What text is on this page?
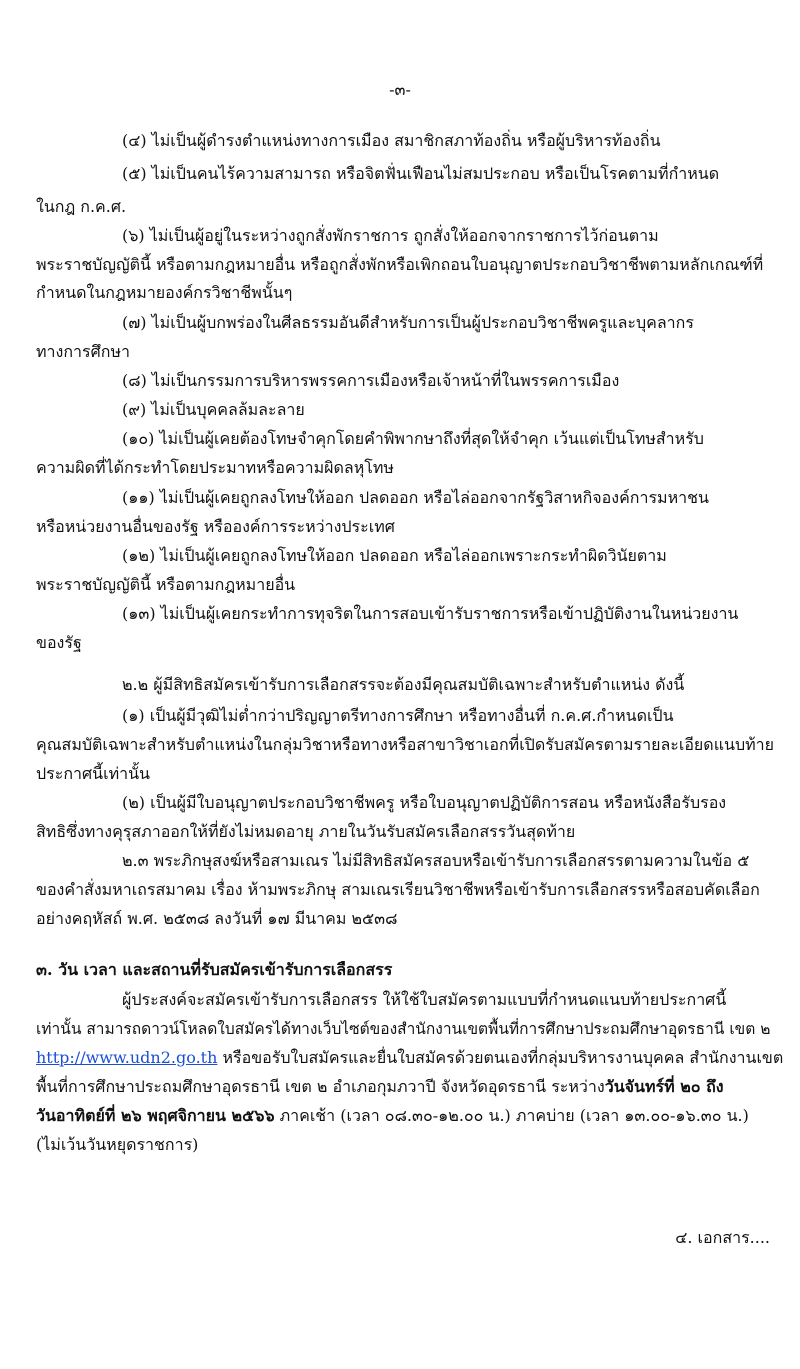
-๓-
(๔) ไม่เป็นผู้ดำรงตำแหน่งทางการเมือง สมาชิกสภาท้องถิ่น หรือผู้บริหารท้องถิ่น
(๕) ไม่เป็นคนไร้ความสามารถ หรือจิตฟั่นเฟือนไม่สมประกอบ หรือเป็นโรคตามที่กำหนด
ในกฎ ก.ค.ศ.
(๖) ไม่เป็นผู้อยู่ในระหว่างถูกสั่งพักราชการ ถูกสั่งให้ออกจากราชการไว้ก่อนตาม
พระราชบัญญัตินี้ หรือตามกฎหมายอื่น หรือถูกสั่งพักหรือเพิกถอนใบอนุญาตประกอบวิชาชีพตามหลักเกณฑ์ที่
กำหนดในกฎหมายองค์กรวิชาชีพนั้นๆ
(๗) ไม่เป็นผู้บกพร่องในศีลธรรมอันดีสำหรับการเป็นผู้ประกอบวิชาชีพครูและบุคลากร
ทางการศึกษา
(๘) ไม่เป็นกรรมการบริหารพรรคการเมืองหรือเจ้าหน้าที่ในพรรคการเมือง
(๙) ไม่เป็นบุคคลล้มละลาย
(๑๐) ไม่เป็นผู้เคยต้องโทษจำคุกโดยคำพิพากษาถึงที่สุดให้จำคุก เว้นแต่เป็นโทษสำหรับ
ความผิดที่ได้กระทำโดยประมาทหรือความผิดลหุโทษ
(๑๑) ไม่เป็นผู้เคยถูกลงโทษให้ออก ปลดออก หรือไล่ออกจากรัฐวิสาหกิจองค์การมหาชน
หรือหน่วยงานอื่นของรัฐ หรือองค์การระหว่างประเทศ
(๑๒) ไม่เป็นผู้เคยถูกลงโทษให้ออก ปลดออก หรือไล่ออกเพราะกระทำผิดวินัยตาม
พระราชบัญญัตินี้ หรือตามกฎหมายอื่น
(๑๓) ไม่เป็นผู้เคยกระทำการทุจริตในการสอบเข้ารับราชการหรือเข้าปฏิบัติงานในหน่วยงาน
ของรัฐ
๒.๒ ผู้มีสิทธิสมัครเข้ารับการเลือกสรรจะต้องมีคุณสมบัติเฉพาะสำหรับตำแหน่ง ดังนี้
(๑) เป็นผู้มีวุฒิไม่ต่ำกว่าปริญญาตรีทางการศึกษา หรือทางอื่นที่ ก.ค.ศ.กำหนดเป็น
คุณสมบัติเฉพาะสำหรับตำแหน่งในกลุ่มวิชาหรือทางหรือสาขาวิชาเอกที่เปิดรับสมัครตามรายละเอียดแนบท้าย
ประกาศนี้เท่านั้น
(๒) เป็นผู้มีใบอนุญาตประกอบวิชาชีพครู หรือใบอนุญาตปฏิบัติการสอน หรือหนังสือรับรอง
สิทธิซึ่งทางคุรุสภาออกให้ที่ยังไม่หมดอายุ ภายในวันรับสมัครเลือกสรรวันสุดท้าย
๒.๓ พระภิกษุสงฆ์หรือสามเณร ไม่มีสิทธิสมัครสอบหรือเข้ารับการเลือกสรรตามความในข้อ ๕
ของคำสั่งมหาเถรสมาคม เรื่อง ห้ามพระภิกษุ สามเณรเรียนวิชาชีพหรือเข้ารับการเลือกสรรหรือสอบคัดเลือก
อย่างคฤหัสถ์ พ.ศ. ๒๕๓๘ ลงวันที่ ๑๗ มีนาคม ๒๕๓๘
๓. วัน เวลา และสถานที่รับสมัครเข้ารับการเลือกสรร
ผู้ประสงค์จะสมัครเข้ารับการเลือกสรร ให้ใช้ใบสมัครตามแบบที่กำหนดแนบท้ายประกาศนี้
เท่านั้น สามารถดาวน์โหลดใบสมัครได้ทางเว็บไซต์ของสำนักงานเขตพื้นที่การศึกษาประถมศึกษาอุดรธานี เขต ๒
http://www.udn2.go.th หรือขอรับใบสมัครและยื่นใบสมัครด้วยตนเองที่กลุ่มบริหารงานบุคคล สำนักงานเขต
พื้นที่การศึกษาประถมศึกษาอุดรธานี เขต ๒ อำเภอกุมภวาปี จังหวัดอุดรธานี ระหว่างวันจันทร์ที่ ๒๐ ถึง
วันอาทิตย์ที่ ๒๖ พฤศจิกายน ๒๕๖๖ ภาคเช้า (เวลา ๐๘.๓๐-๑๒.๐๐ น.) ภาคบ่าย (เวลา ๑๓.๐๐-๑๖.๓๐ น.)
(ไม่เว้นวันหยุดราชการ)
๔. เอกสาร....
